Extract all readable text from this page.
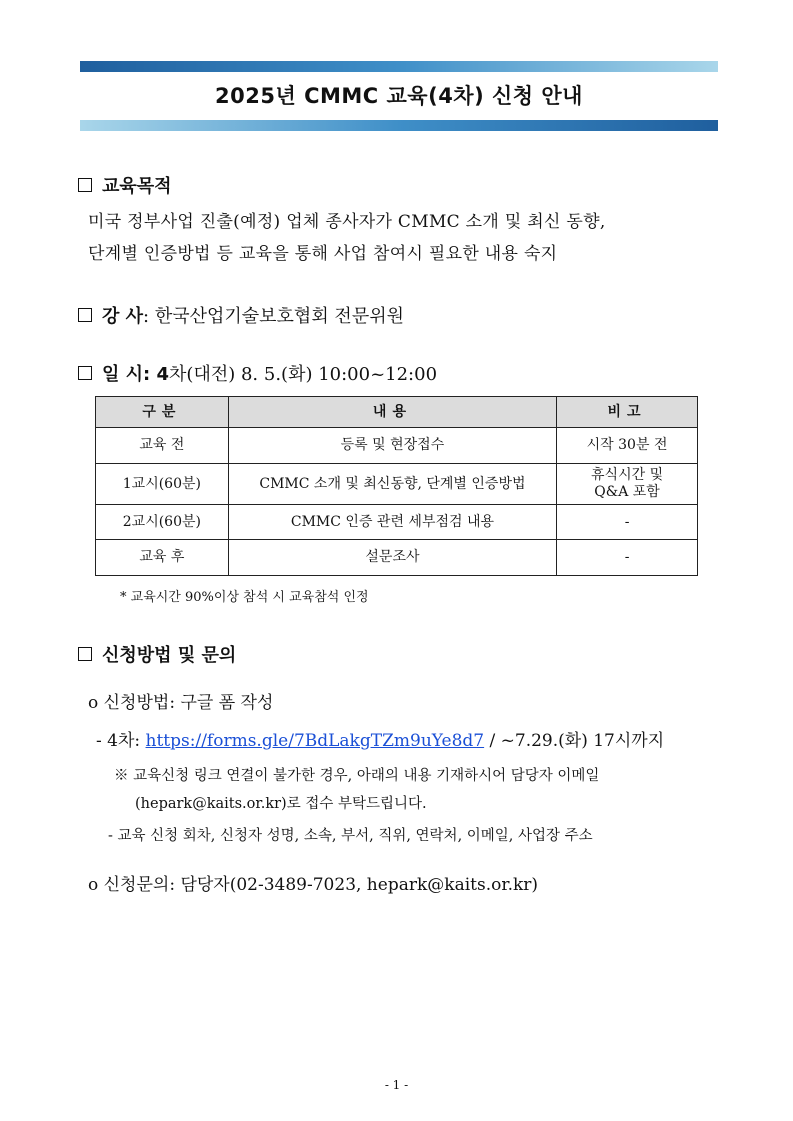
2025년 CMMC 교육(4차) 신청 안내
교육목적
미국 정부사업 진출(예정) 업체 종사자가 CMMC 소개 및 최신 동향,
단계별 인증방법 등 교육을 통해 사업 참여시 필요한 내용 숙지
강 사 : 한국산업기술보호협회 전문위원
일 시: 4 차(대전) 8. 5.(화) 10:00~12:00
구분	내용	비고
교육 전	등록 및 현장접수	시작 30분 전
1교시(60분)	CMMC 소개 및 최신동향, 단계별 인증방법	휴식시간 및 Q&A 포함
2교시(60분)	CMMC 인증 관련 세부점검 내용	-
교육 후	설문조사	-
* 교육시간 90%이상 참석 시 교육참석 인정
신청방법 및 문의
o 신청방법: 구글 폼 작성
- 4차: https://forms.gle/7BdLakgTZm9uYe8d7 / ~7.29.(화) 17시까지
※ 교육신청 링크 연결이 불가한 경우, 아래의 내용 기재하시어 담당자 이메일
(hepark@kaits.or.kr)로 접수 부탁드립니다.
- 교육 신청 회차, 신청자 성명, 소속, 부서, 직위, 연락처, 이메일, 사업장 주소
o 신청문의: 담당자(02-3489-7023, hepark@kaits.or.kr)
- 1 -
